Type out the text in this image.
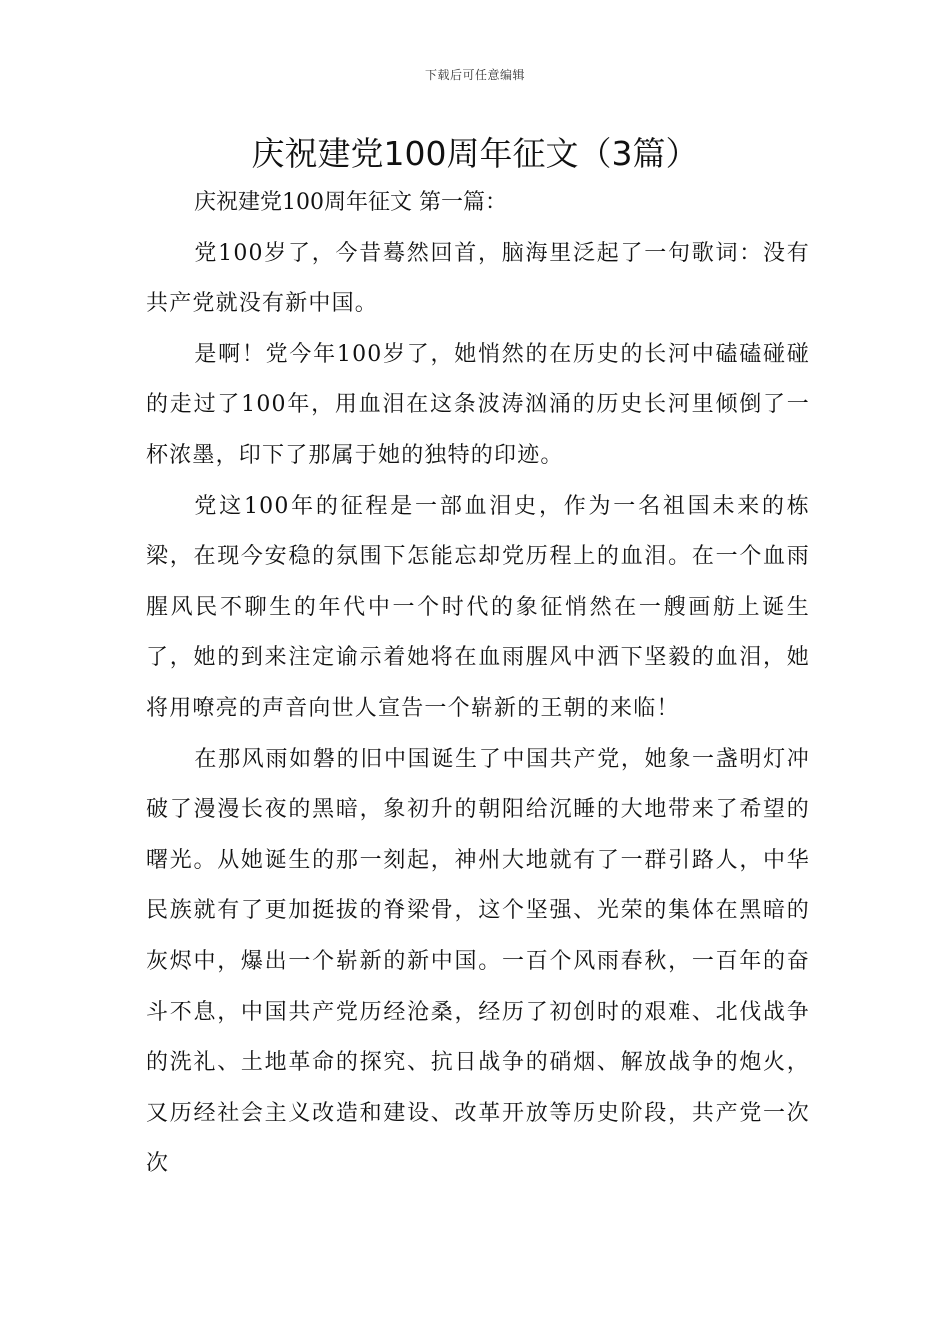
下载后可任意编辑
庆祝建党100周年征文（3篇）

庆祝建党100周年征文 第一篇：

党100岁了，今昔蓦然回首，脑海里泛起了一句歌词：没有共产党就没有新中国。

是啊！党今年100岁了，她悄然的在历史的长河中磕磕碰碰的走过了100年，用血泪在这条波涛汹涌的历史长河里倾倒了一杯浓墨，印下了那属于她的独特的印迹。

党这100年的征程是一部血泪史，作为一名祖国未来的栋梁，在现今安稳的氛围下怎能忘却党历程上的血泪。在一个血雨腥风民不聊生的年代中一个时代的象征悄然在一艘画舫上诞生了，她的到来注定谕示着她将在血雨腥风中洒下坚毅的血泪，她将用嘹亮的声音向世人宣告一个崭新的王朝的来临！

在那风雨如磐的旧中国诞生了中国共产党，她象一盏明灯冲破了漫漫长夜的黑暗，象初升的朝阳给沉睡的大地带来了希望的曙光。从她诞生的那一刻起，神州大地就有了一群引路人，中华民族就有了更加挺拔的脊梁骨，这个坚强、光荣的集体在黑暗的灰烬中，爆出一个崭新的新中国。一百个风雨春秋，一百年的奋斗不息，中国共产党历经沧桑，经历了初创时的艰难、北伐战争的洗礼、土地革命的探究、抗日战争的硝烟、解放战争的炮火，又历经社会主义改造和建设、改革开放等历史阶段，共产党一次次
